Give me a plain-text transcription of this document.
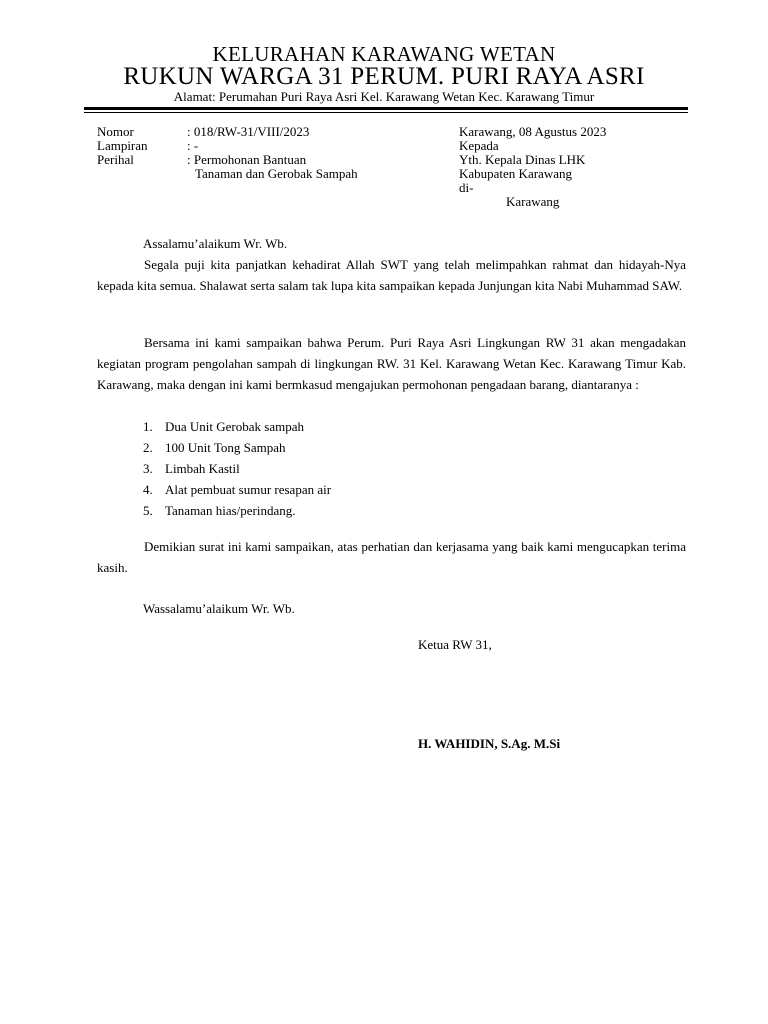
KELURAHAN KARAWANG WETAN
RUKUN WARGA 31 PERUM. PURI RAYA ASRI
Alamat: Perumahan Puri Raya Asri Kel. Karawang Wetan Kec. Karawang Timur
Nomor	: 018/RW-31/VIII/2023
Lampiran	: -
Perihal	: Permohonan Bantuan
Tanaman dan Gerobak Sampah
Karawang, 08 Agustus 2023
Kepada
Yth. Kepala Dinas LHK
Kabupaten Karawang
di-
Karawang
Assalamu’alaikum Wr. Wb.
Segala puji kita panjatkan kehadirat Allah SWT yang telah melimpahkan rahmat dan hidayah-Nya kepada kita semua. Shalawat serta salam tak lupa kita sampaikan kepada Junjungan kita Nabi Muhammad SAW.
Bersama ini kami sampaikan bahwa Perum. Puri Raya Asri Lingkungan RW 31 akan mengadakan kegiatan program pengolahan sampah di lingkungan RW. 31 Kel. Karawang Wetan Kec. Karawang Timur Kab. Karawang, maka dengan ini kami bermkasud mengajukan permohonan pengadaan barang, diantaranya :
1. Dua Unit Gerobak sampah
2. 100 Unit Tong Sampah
3. Limbah Kastil
4. Alat pembuat sumur resapan air
5. Tanaman hias/perindang.
Demikian surat ini kami sampaikan, atas perhatian dan kerjasama yang baik kami mengucapkan terima kasih.
Wassalamu’alaikum Wr. Wb.
Ketua RW 31,
H. WAHIDIN, S.Ag. M.Si
